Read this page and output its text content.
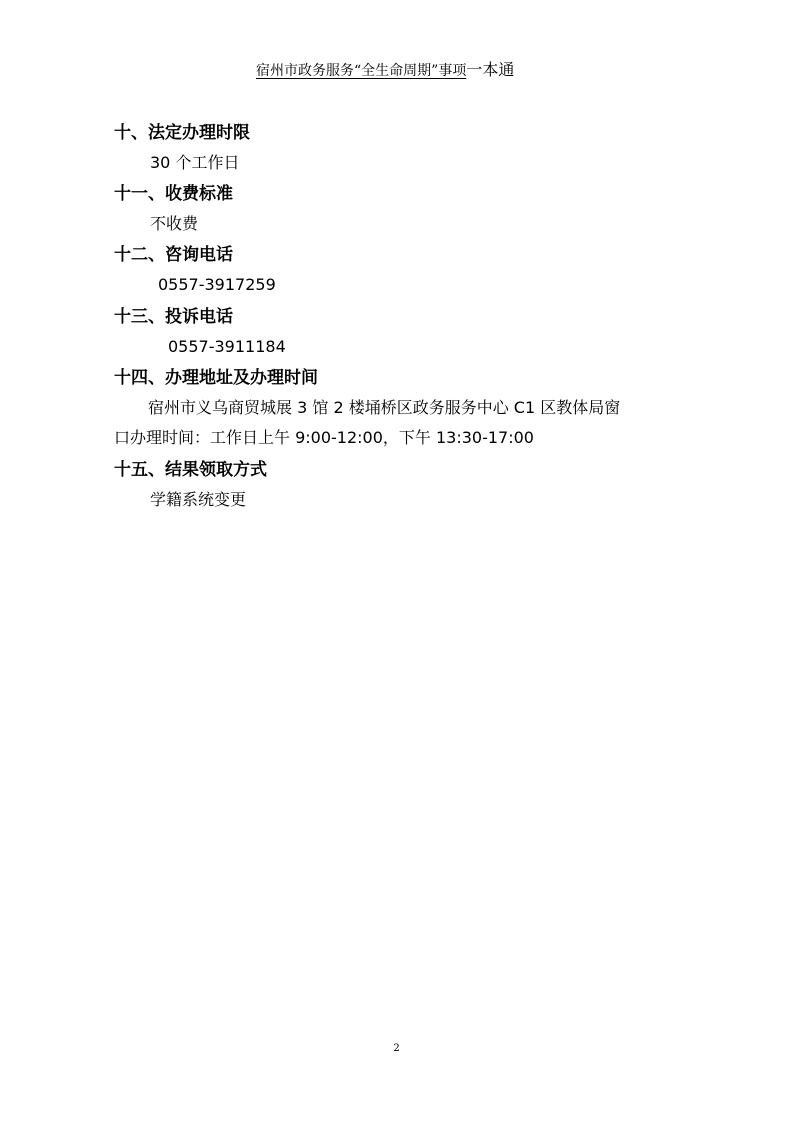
宿州市政务服务“全生命周期”事项一本通
十、法定办理时限
30 个工作日
十一、收费标准
不收费
十二、咨询电话
0557-3917259
十三、投诉电话
0557-3911184
十四、办理地址及办理时间
宿州市义乌商贸城展 3 馆 2 楼埇桥区政务服务中心 C1 区教体局窗
口办理时间：工作日上午 9:00-12:00，下午 13:30-17:00
十五、结果领取方式
学籍系统变更
2
